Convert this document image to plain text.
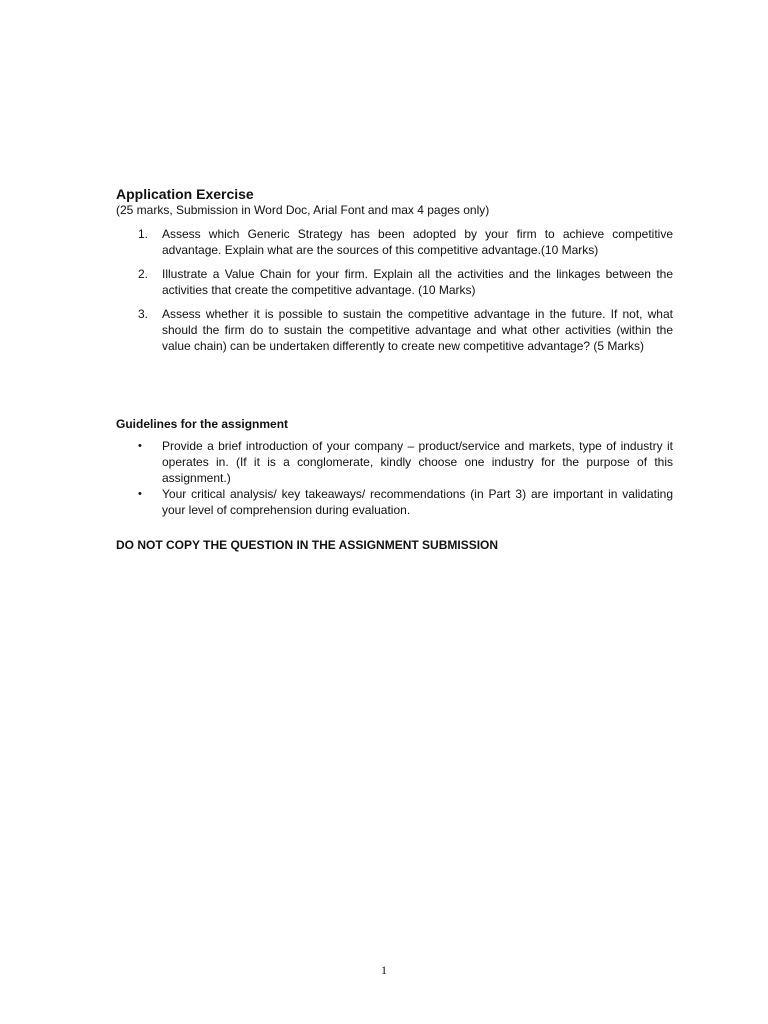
Application Exercise

(25 marks, Submission in Word Doc, Arial Font and max 4 pages only)

1. Assess which Generic Strategy has been adopted by your firm to achieve competitive advantage. Explain what are the sources of this competitive advantage.(10 Marks)
2. Illustrate a Value Chain for your firm. Explain all the activities and the linkages between the activities that create the competitive advantage. (10 Marks)
3. Assess whether it is possible to sustain the competitive advantage in the future. If not, what should the firm do to sustain the competitive advantage and what other activities (within the value chain) can be undertaken differently to create new competitive advantage? (5 Marks)
Guidelines for the assignment
• Provide a brief introduction of your company – product/service and markets, type of industry it operates in. (If it is a conglomerate, kindly choose one industry for the purpose of this assignment.)
• Your critical analysis/ key takeaways/ recommendations (in Part 3) are important in validating your level of comprehension during evaluation.

DO NOT COPY THE QUESTION IN THE ASSIGNMENT SUBMISSION

1
